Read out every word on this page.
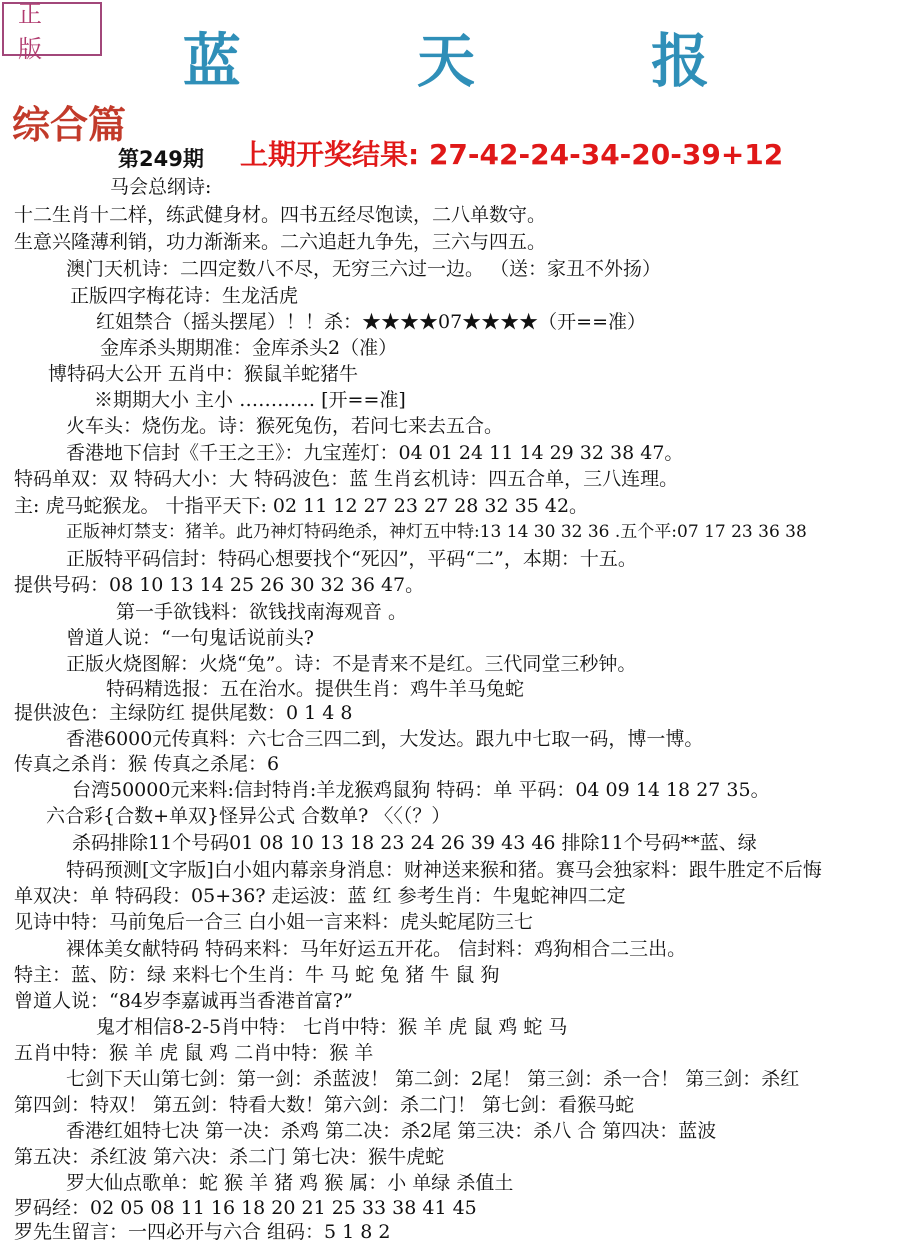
正 版	蓝 天 报
综合篇
第249期 上期开奖结果: 27-42-24-34-20-39+12
马会总纲诗:
十二生肖十二样，练武健身材。四书五经尽饱读，二八单数守。
生意兴隆薄利销，功力渐渐来。二六追赶九争先，三六与四五。
澳门天机诗：二四定数八不尽，无穷三六过一边。 （送：家丑不外扬）
正版四字梅花诗：生龙活虎
红姐禁合（摇头摆尾）！！杀：★★★★07★★★★（开==准）
金库杀头期期准：金库杀头2（准）
博特码大公开 五肖中：猴鼠羊蛇猪牛
※期期大小 主小 ………… [开==准]
火车头：烧伤龙。诗：猴死兔伤，若问七来去五合。
香港地下信封《千王之王》：九宝莲灯：04 01 24 11 14 29 32 38 47。
特码单双：双 特码大小：大 特码波色：蓝 生肖玄机诗：四五合单，三八连理。
主: 虎马蛇猴龙。 十指平天下: 02 11 12 27 23 27 28 32 35 42。
正版神灯禁支：猪羊。此乃神灯特码绝杀，神灯五中特:13 14 30 32 36 .五个平:07 17 23 36 38
正版特平码信封：特码心想要找个“死囚”，平码“二”，本期：十五。
提供号码：08 10 13 14 25 26 30 32 36 47。
第一手欲钱料：欲钱找南海观音 。
曾道人说：“一句鬼话说前头?
正版火烧图解：火烧“兔”。诗：不是青来不是红。三代同堂三秒钟。
特码精选报：五在治水。提供生肖：鸡牛羊马兔蛇
提供波色：主绿防红 提供尾数：0 1 4 8
香港6000元传真料：六七合三四二到，大发达。跟九中七取一码，博一博。
传真之杀肖：猴 传真之杀尾：6
台湾50000元来料:信封特肖:羊龙猴鸡鼠狗 特码：单 平码：04 09 14 18 27 35。
六合彩{合数+单双}怪异公式 合数单? 〈〈（？）
杀码排除11个号码01 08 10 13 18 23 24 26 39 43 46 排除11个号码**蓝、绿
特码预测[文字版]白小姐内幕亲身消息：财神送来猴和猪。赛马会独家料：跟牛胜定不后悔
单双决：单 特码段：05+36? 走运波：蓝 红 参考生肖：牛鬼蛇神四二定
见诗中特：马前兔后一合三 白小姐一言来料：虎头蛇尾防三七
裸体美女献特码 特码来料：马年好运五开花。 信封料：鸡狗相合二三出。
特主：蓝、防：绿 来料七个生肖：牛 马 蛇 兔 猪 牛 鼠 狗
曾道人说：“84岁李嘉诚再当香港首富?”
鬼才相信8-2-5肖中特： 七肖中特：猴 羊 虎 鼠 鸡 蛇 马
五肖中特：猴 羊 虎 鼠 鸡 二肖中特：猴 羊
七剑下天山第七剑：第一剑：杀蓝波！ 第二剑：2尾！ 第三剑：杀一合！ 第三剑：杀红
第四剑：特双！ 第五剑：特看大数！第六剑：杀二门！ 第七剑：看猴马蛇
香港红姐特七决 第一决：杀鸡 第二决：杀2尾 第三决：杀八 合 第四决：蓝波
第五决：杀红波 第六决：杀二门 第七决：猴牛虎蛇
罗大仙点歌单：蛇 猴 羊 猪 鸡 猴 属：小 单绿 杀值土
罗码经：02 05 08 11 16 18 20 21 25 33 38 41 45
罗先生留言：一四必开与六合 组码：5 1 8 2
